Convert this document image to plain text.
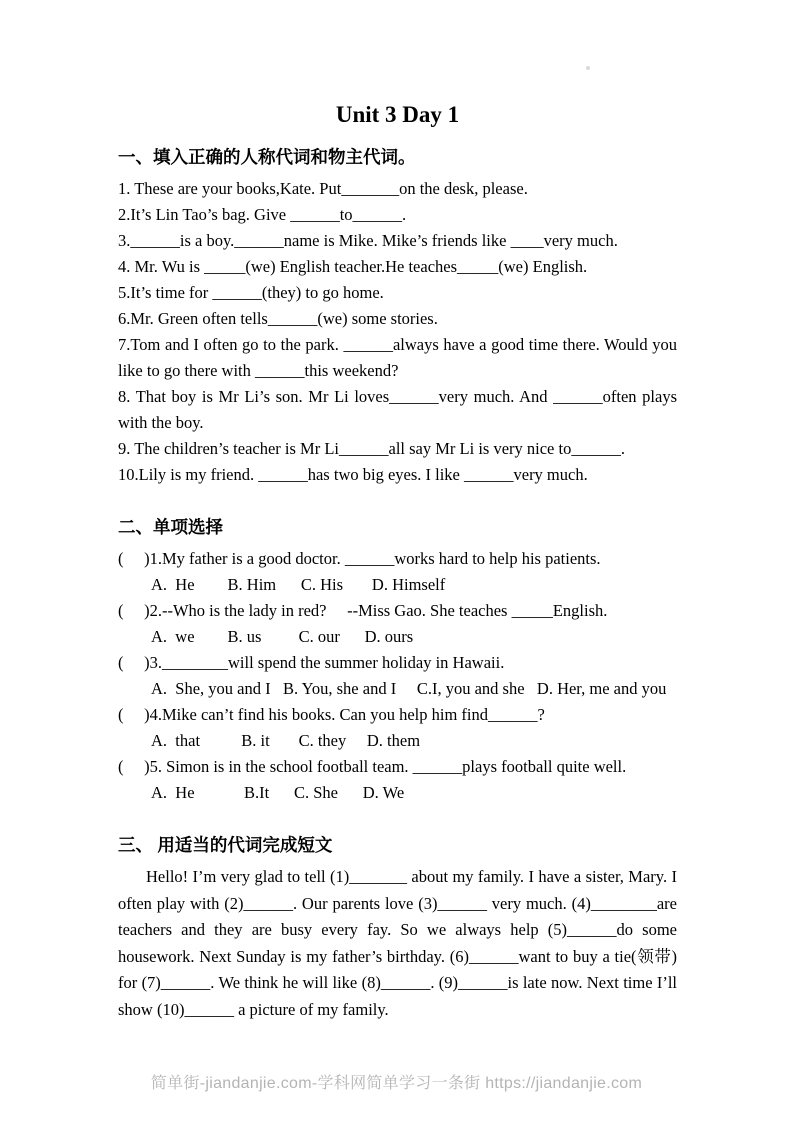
Unit 3 Day 1
一、填入正确的人称代词和物主代词。

1. These are your books,Kate. Put_______on the desk, please.

2.It’s Lin Tao’s bag. Give ______to______.

3.______is a boy.______name is Mike. Mike’s friends like ____very much.

4. Mr. Wu is _____(we) English teacher.He teaches_____(we) English.

5.It’s time for ______(they) to go home.

6.Mr. Green often tells______(we) some stories.

7.Tom and I often go to the park. ______always have a good time there. Would you like to go there with ______this weekend?

8. That boy is Mr Li’s son. Mr Li loves______very much. And ______often plays with the boy.

9. The children’s teacher is Mr Li______all say Mr Li is very nice to______.

10.Lily is my friend. ______has two big eyes. I like ______very much.

二、单项选择

(     )1.My father is a good doctor. ______works hard to help his patients.

A.  He        B. Him      C. His       D. Himself

(     )2.--Who is the lady in red?     --Miss Gao. She teaches _____English.

A.  we        B. us         C. our      D. ours

(     )3.________will spend the summer holiday in Hawaii.

A.  She, you and I   B. You, she and I     C.I, you and she   D. Her, me and you

(     )4.Mike can’t find his books. Can you help him find______?

A.  that          B. it       C. they     D. them

(     )5. Simon is in the school football team. ______plays football quite well.

A.  He            B.It      C. She      D. We

三、 用适当的代词完成短文

Hello! I’m very glad to tell (1)_______ about my family. I have a sister, Mary. I often play with (2)______. Our parents love (3)______ very much. (4)________are teachers and they are busy every fay. So we always help (5)______do some housework. Next Sunday is my father’s birthday. (6)______want to buy a tie(领带) for (7)______. We think he will like (8)______. (9)______is late now. Next time I’ll show (10)______ a picture of my family.

简单街-jiandanjie.com-学科网简单学习一条街 https://jiandanjie.com
